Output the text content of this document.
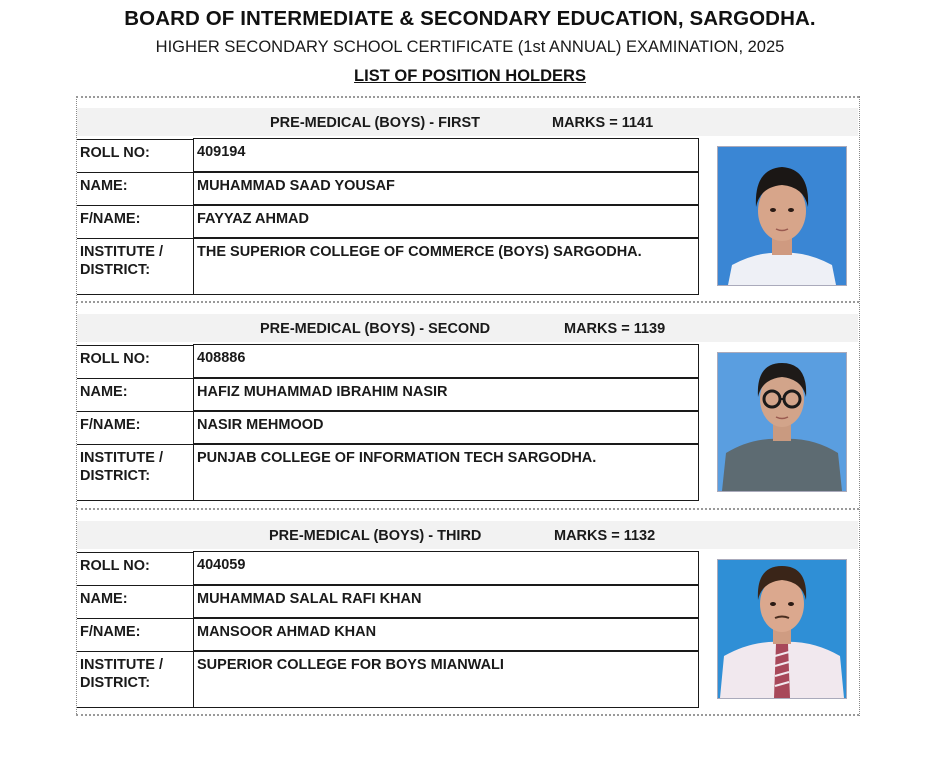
BOARD OF INTERMEDIATE & SECONDARY EDUCATION, SARGODHA.
HIGHER SECONDARY SCHOOL CERTIFICATE (1st ANNUAL) EXAMINATION, 2025
LIST OF POSITION HOLDERS
PRE-MEDICAL (BOYS) - FIRST	MARKS = 1141
ROLL NO:	409194
NAME:	MUHAMMAD SAAD YOUSAF
F/NAME:	FAYYAZ AHMAD
INSTITUTE /
DISTRICT:
THE SUPERIOR COLLEGE OF COMMERCE (BOYS) SARGODHA.
PRE-MEDICAL (BOYS) - SECOND	MARKS = 1139
ROLL NO:	408886
NAME:	HAFIZ MUHAMMAD IBRAHIM NASIR
F/NAME:	NASIR MEHMOOD
INSTITUTE /
DISTRICT:
PUNJAB COLLEGE OF INFORMATION TECH SARGODHA.
PRE-MEDICAL (BOYS) - THIRD	MARKS = 1132
ROLL NO:	404059
NAME:	MUHAMMAD SALAL RAFI KHAN
F/NAME:	MANSOOR AHMAD KHAN
INSTITUTE /
DISTRICT:
SUPERIOR COLLEGE FOR BOYS MIANWALI
